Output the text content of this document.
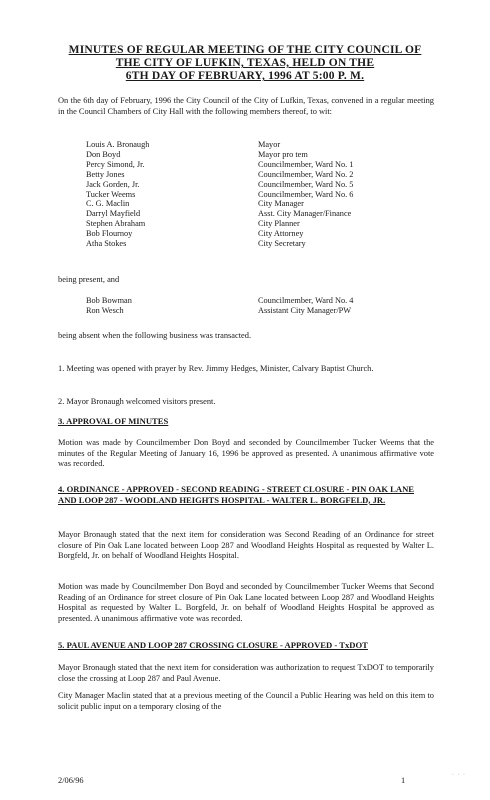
MINUTES OF REGULAR MEETING OF THE CITY COUNCIL OF
THE CITY OF LUFKIN, TEXAS, HELD ON THE
6TH DAY OF FEBRUARY, 1996 AT 5:00 P. M.
On the 6th day of February, 1996 the City Council of the City of Lufkin, Texas, convened in a regular meeting in the Council Chambers of City Hall with the following members thereof, to wit:
Louis A. Bronaugh	Mayor
Don Boyd	Mayor pro tem
Percy Simond, Jr.	Councilmember, Ward No. 1
Betty Jones	Councilmember, Ward No. 2
Jack Gorden, Jr.	Councilmember, Ward No. 5
Tucker Weems	Councilmember, Ward No. 6
C. G. Maclin	City Manager
Darryl Mayfield	Asst. City Manager/Finance
Stephen Abraham	City Planner
Bob Flournoy	City Attorney
Atha Stokes	City Secretary
being present, and
Bob Bowman	Councilmember, Ward No. 4
Ron Wesch	Assistant City Manager/PW
being absent when the following business was transacted.
1. Meeting was opened with prayer by Rev. Jimmy Hedges, Minister, Calvary Baptist Church.
2. Mayor Bronaugh welcomed visitors present.
3. APPROVAL OF MINUTES
Motion was made by Councilmember Don Boyd and seconded by Councilmember Tucker Weems that the minutes of the Regular Meeting of January 16, 1996 be approved as presented. A unanimous affirmative vote was recorded.
4. ORDINANCE - APPROVED - SECOND READING - STREET CLOSURE - PIN OAK LANE AND LOOP 287 - WOODLAND HEIGHTS HOSPITAL - WALTER L. BORGFELD, JR.
Mayor Bronaugh stated that the next item for consideration was Second Reading of an Ordinance for street closure of Pin Oak Lane located between Loop 287 and Woodland Heights Hospital as requested by Walter L. Borgfeld, Jr. on behalf of Woodland Heights Hospital.
Motion was made by Councilmember Don Boyd and seconded by Councilmember Tucker Weems that Second Reading of an Ordinance for street closure of Pin Oak Lane located between Loop 287 and Woodland Heights Hospital as requested by Walter L. Borgfeld, Jr. on behalf of Woodland Heights Hospital be approved as presented. A unanimous affirmative vote was recorded.
5. PAUL AVENUE AND LOOP 287 CROSSING CLOSURE - APPROVED - TxDOT
Mayor Bronaugh stated that the next item for consideration was authorization to request TxDOT to temporarily close the crossing at Loop 287 and Paul Avenue.
City Manager Maclin stated that at a previous meeting of the Council a Public Hearing was held on this item to solicit public input on a temporary closing of the
2/06/96	1
· · ·
